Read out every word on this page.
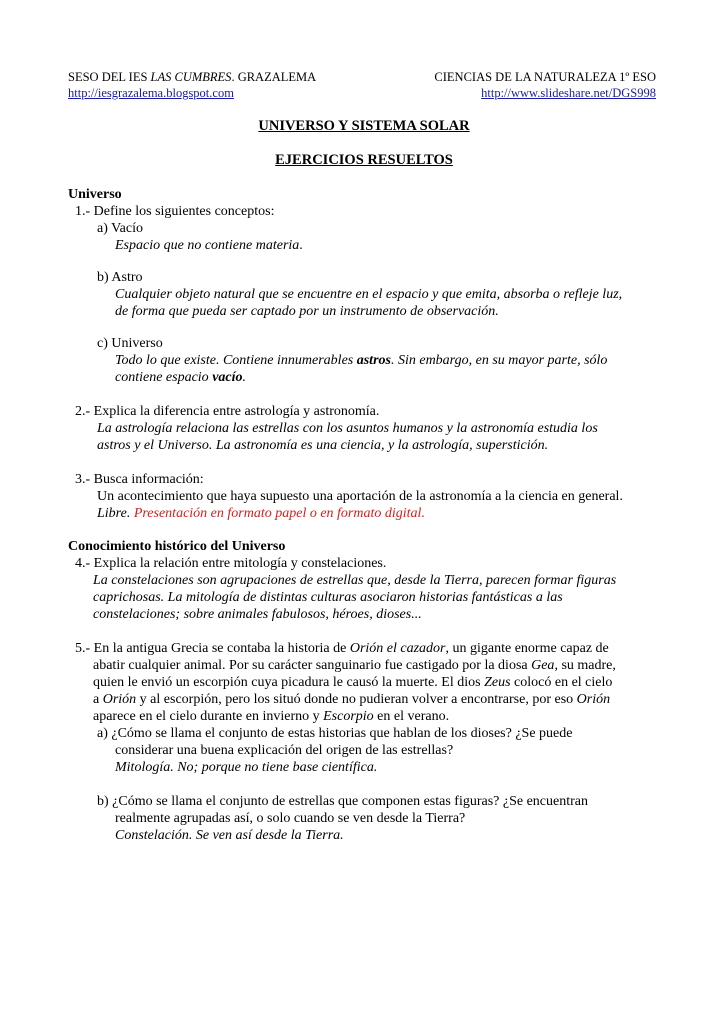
SESO DEL IES LAS CUMBRES. GRAZALEMA
http://iesgrazalema.blogspot.com
CIENCIAS DE LA NATURALEZA 1º ESO
http://www.slideshare.net/DGS998
UNIVERSO Y SISTEMA SOLAR
EJERCICIOS RESUELTOS
Universo
1.- Define los siguientes conceptos:
a) Vacío
Espacio que no contiene materia.
b) Astro
Cualquier objeto natural que se encuentre en el espacio y que emita, absorba o refleje luz,
de forma que pueda ser captado por un instrumento de observación.
c) Universo
Todo lo que existe. Contiene innumerables astros. Sin embargo, en su mayor parte, sólo
contiene espacio vacío.
2.- Explica la diferencia entre astrología y astronomía.
La astrología relaciona las estrellas con los asuntos humanos y la astronomía estudia los
astros y el Universo. La astronomía es una ciencia, y la astrología, superstición.
3.- Busca información:
Un acontecimiento que haya supuesto una aportación de la astronomía a la ciencia en general.
Libre. Presentación en formato papel o en formato digital.
Conocimiento histórico del Universo
4.- Explica la relación entre mitología y constelaciones.
La constelaciones son agrupaciones de estrellas que, desde la Tierra, parecen formar figuras
caprichosas. La mitología de distintas culturas asociaron historias fantásticas a las
constelaciones; sobre animales fabulosos, héroes, dioses...
5.- En la antigua Grecia se contaba la historia de Orión el cazador, un gigante enorme capaz de
abatir cualquier animal. Por su carácter sanguinario fue castigado por la diosa Gea, su madre,
quien le envió un escorpión cuya picadura le causó la muerte. El dios Zeus colocó en el cielo
a Orión y al escorpión, pero los situó donde no pudieran volver a encontrarse, por eso Orión
aparece en el cielo durante en invierno y Escorpio en el verano.
a) ¿Cómo se llama el conjunto de estas historias que hablan de los dioses? ¿Se puede
considerar una buena explicación del origen de las estrellas?
Mitología. No; porque no tiene base científica.
b) ¿Cómo se llama el conjunto de estrellas que componen estas figuras? ¿Se encuentran
realmente agrupadas así, o solo cuando se ven desde la Tierra?
Constelación. Se ven así desde la Tierra.
